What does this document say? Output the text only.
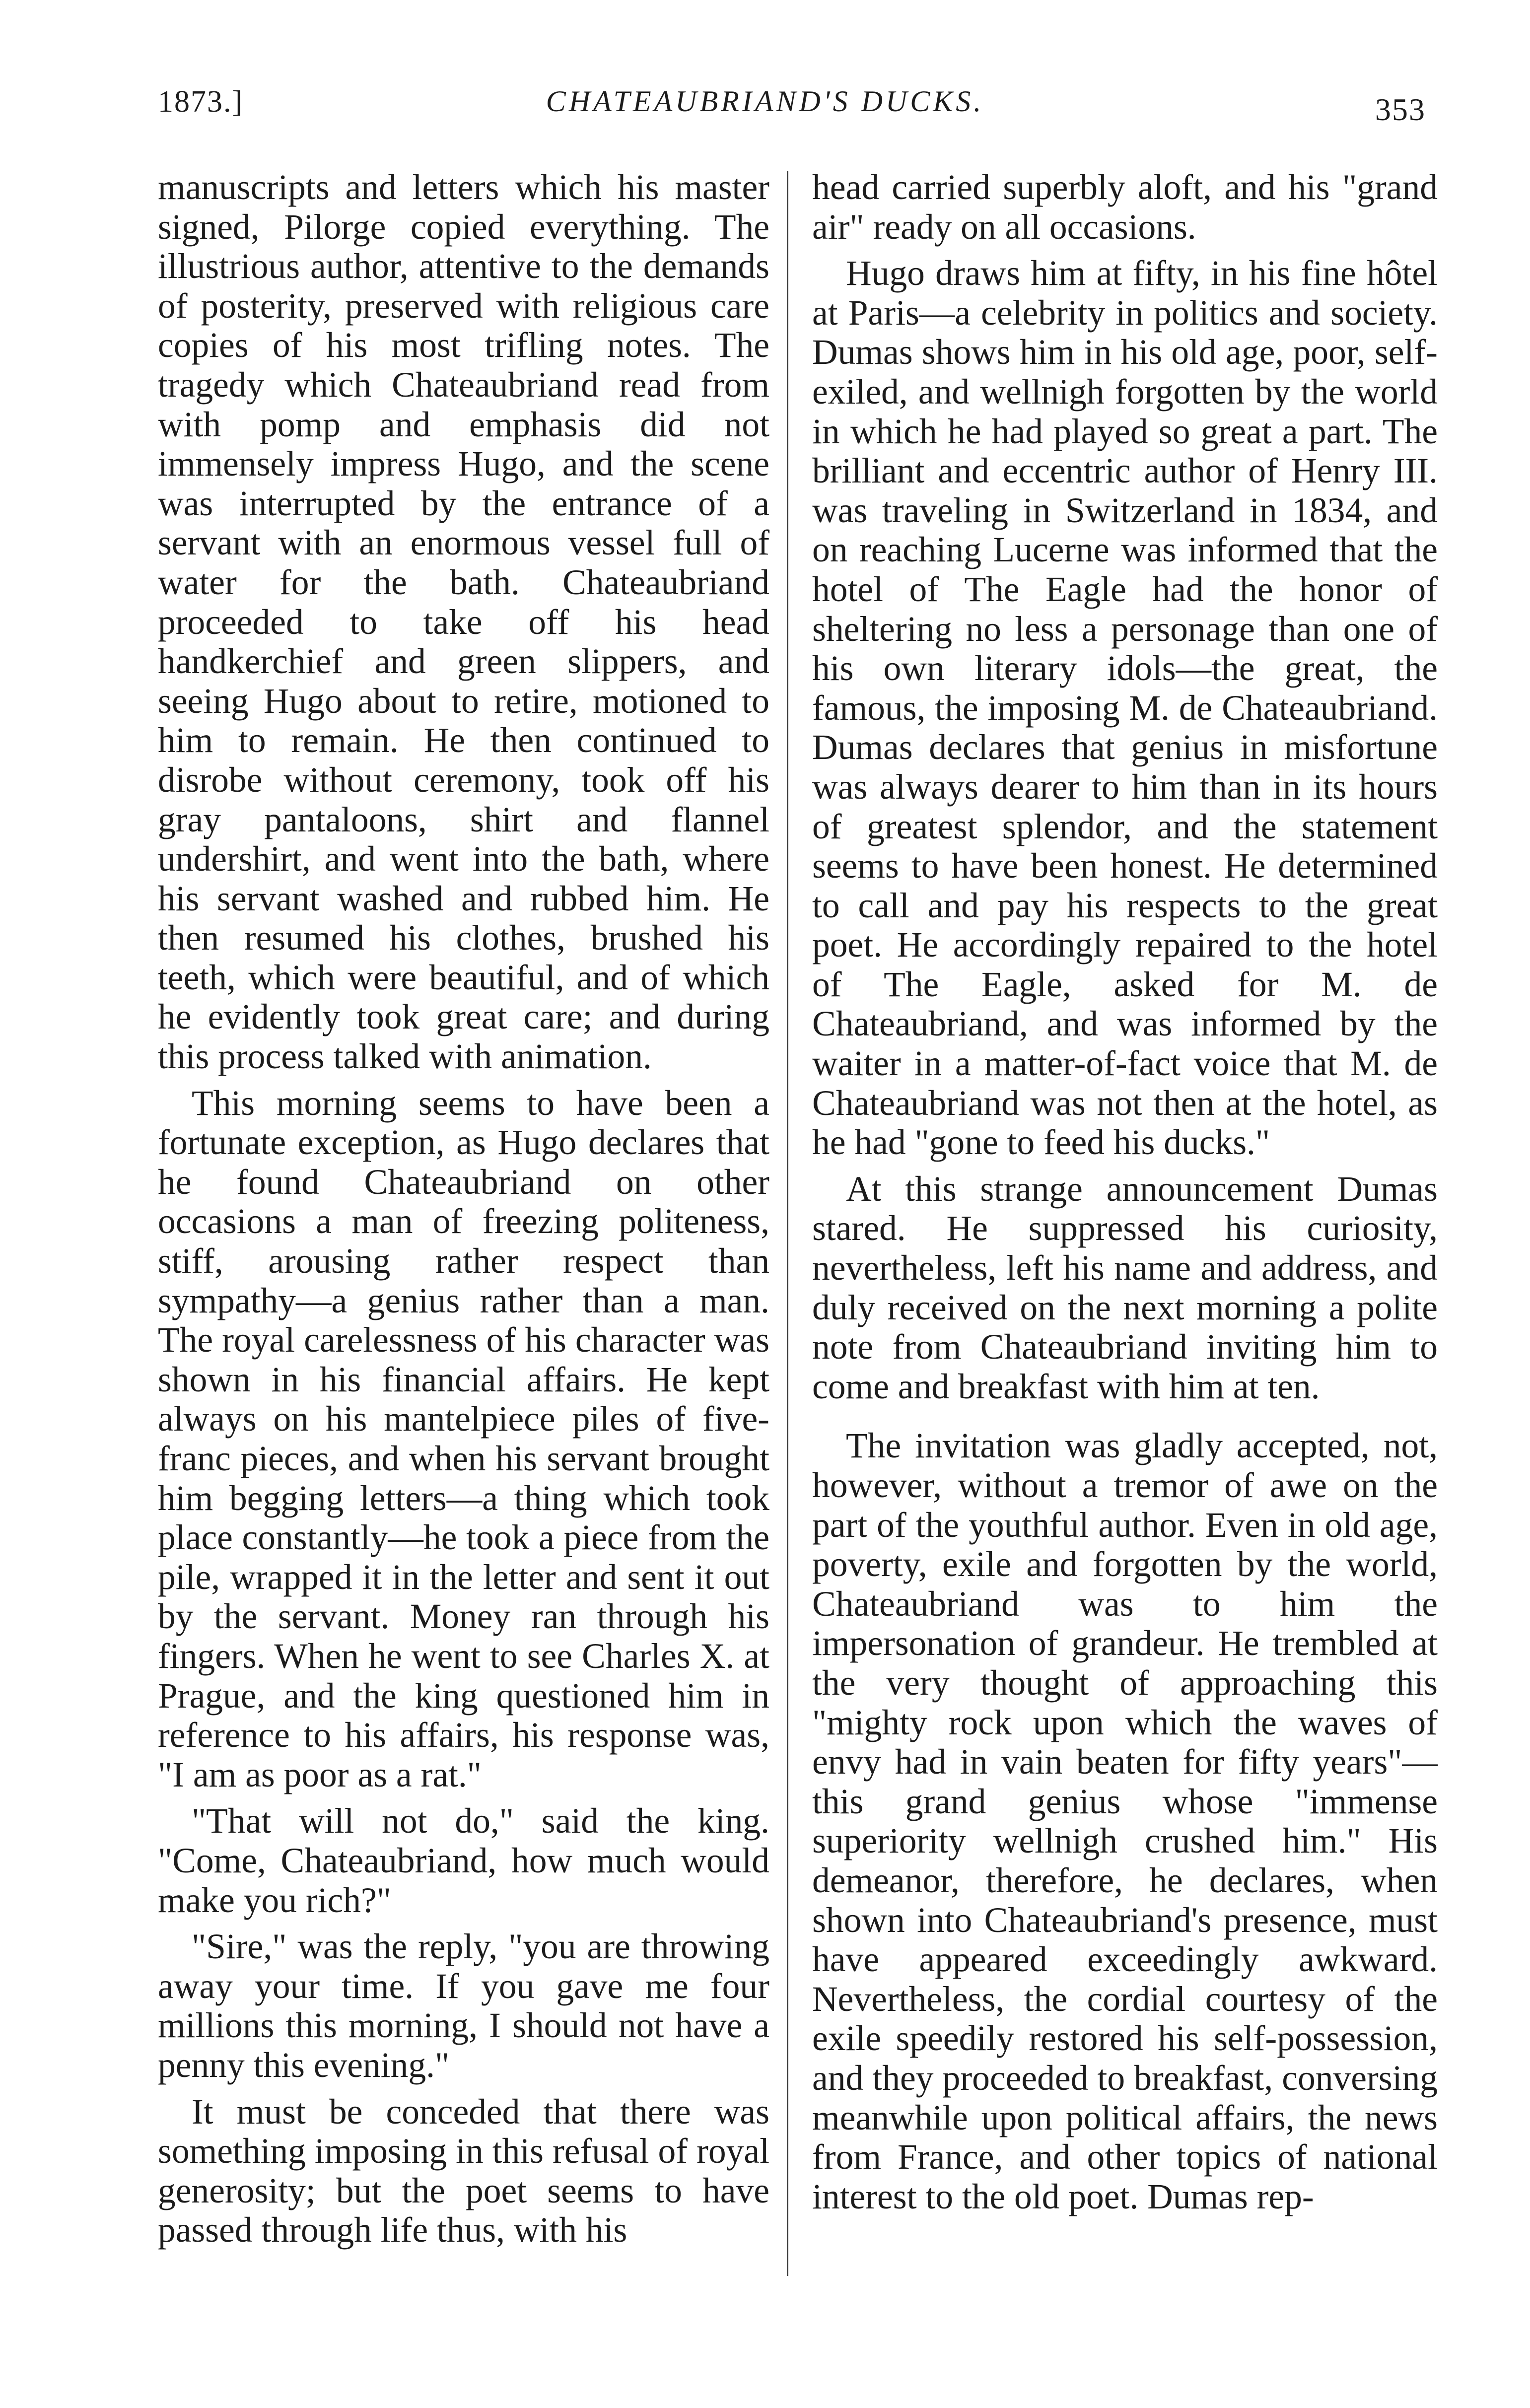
1873.]	CHATEAUBRIAND'S DUCKS.	353

manuscripts and letters which his master signed, Pilorge copied everything. The illustrious author, attentive to the demands of posterity, preserved with religious care copies of his most trifling notes. The tragedy which Chateaubriand read from with pomp and emphasis did not immensely impress Hugo, and the scene was interrupted by the entrance of a servant with an enormous vessel full of water for the bath. Chateaubriand proceeded to take off his head handkerchief and green slippers, and seeing Hugo about to retire, motioned to him to remain. He then continued to disrobe without ceremony, took off his gray pantaloons, shirt and flannel undershirt, and went into the bath, where his servant washed and rubbed him. He then resumed his clothes, brushed his teeth, which were beautiful, and of which he evidently took great care; and during this process talked with animation.

This morning seems to have been a fortunate exception, as Hugo declares that he found Chateaubriand on other occasions a man of freezing politeness, stiff, arousing rather respect than sympathy—a genius rather than a man. The royal carelessness of his character was shown in his financial affairs. He kept always on his mantelpiece piles of five-franc pieces, and when his servant brought him begging letters—a thing which took place constantly—he took a piece from the pile, wrapped it in the letter and sent it out by the servant. Money ran through his fingers. When he went to see Charles X. at Prague, and the king questioned him in reference to his affairs, his response was, "I am as poor as a rat."

"That will not do," said the king. "Come, Chateaubriand, how much would make you rich?"

"Sire," was the reply, "you are throwing away your time. If you gave me four millions this morning, I should not have a penny this evening."

It must be conceded that there was something imposing in this refusal of royal generosity; but the poet seems to have passed through life thus, with his

head carried superbly aloft, and his "grand air" ready on all occasions.

Hugo draws him at fifty, in his fine hôtel at Paris—a celebrity in politics and society. Dumas shows him in his old age, poor, self-exiled, and wellnigh forgotten by the world in which he had played so great a part. The brilliant and eccentric author of Henry III. was traveling in Switzerland in 1834, and on reaching Lucerne was informed that the hotel of The Eagle had the honor of sheltering no less a personage than one of his own literary idols—the great, the famous, the imposing M. de Chateaubriand. Dumas declares that genius in misfortune was always dearer to him than in its hours of greatest splendor, and the statement seems to have been honest. He determined to call and pay his respects to the great poet. He accordingly repaired to the hotel of The Eagle, asked for M. de Chateaubriand, and was informed by the waiter in a matter-of-fact voice that M. de Chateaubriand was not then at the hotel, as he had "gone to feed his ducks."

At this strange announcement Dumas stared. He suppressed his curiosity, nevertheless, left his name and address, and duly received on the next morning a polite note from Chateaubriand inviting him to come and breakfast with him at ten.

The invitation was gladly accepted, not, however, without a tremor of awe on the part of the youthful author. Even in old age, poverty, exile and forgotten by the world, Chateaubriand was to him the impersonation of grandeur. He trembled at the very thought of approaching this "mighty rock upon which the waves of envy had in vain beaten for fifty years"—this grand genius whose "immense superiority wellnigh crushed him." His demeanor, therefore, he declares, when shown into Chateaubriand's presence, must have appeared exceedingly awkward. Nevertheless, the cordial courtesy of the exile speedily restored his self-possession, and they proceeded to breakfast, conversing meanwhile upon political affairs, the news from France, and other topics of national interest to the old poet. Dumas rep-
